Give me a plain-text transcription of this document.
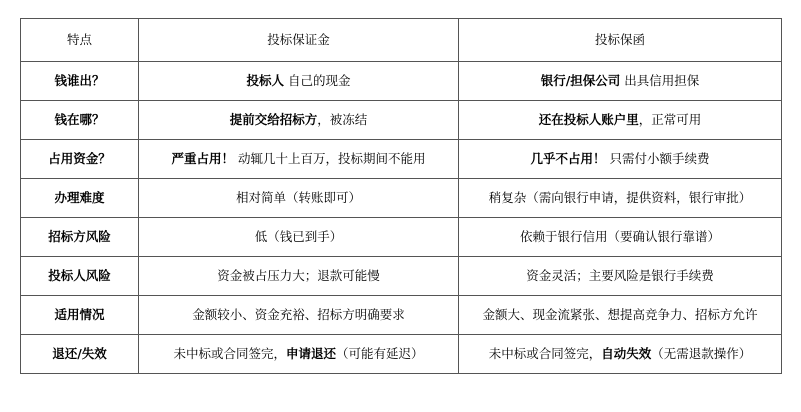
特点	投标保证金	投标保函
钱谁出？	投标人 自己的现金	银行/担保公司 出具信用担保
钱在哪？	提前交给招标方，被冻结	还在投标人账户里，正常可用
占用资金？	严重占用！ 动辄几十上百万，投标期间不能用	几乎不占用！ 只需付小额手续费
办理难度	相对简单（转账即可）	稍复杂（需向银行申请，提供资料，银行审批）
招标方风险	低（钱已到手）	依赖于银行信用（要确认银行靠谱）
投标人风险	资金被占压力大；退款可能慢	资金灵活；主要风险是银行手续费
适用情况	金额较小、资金充裕、招标方明确要求	金额大、现金流紧张、想提高竞争力、招标方允许
退还/失效	未中标或合同签完，申请退还（可能有延迟）	未中标或合同签完，自动失效（无需退款操作）
